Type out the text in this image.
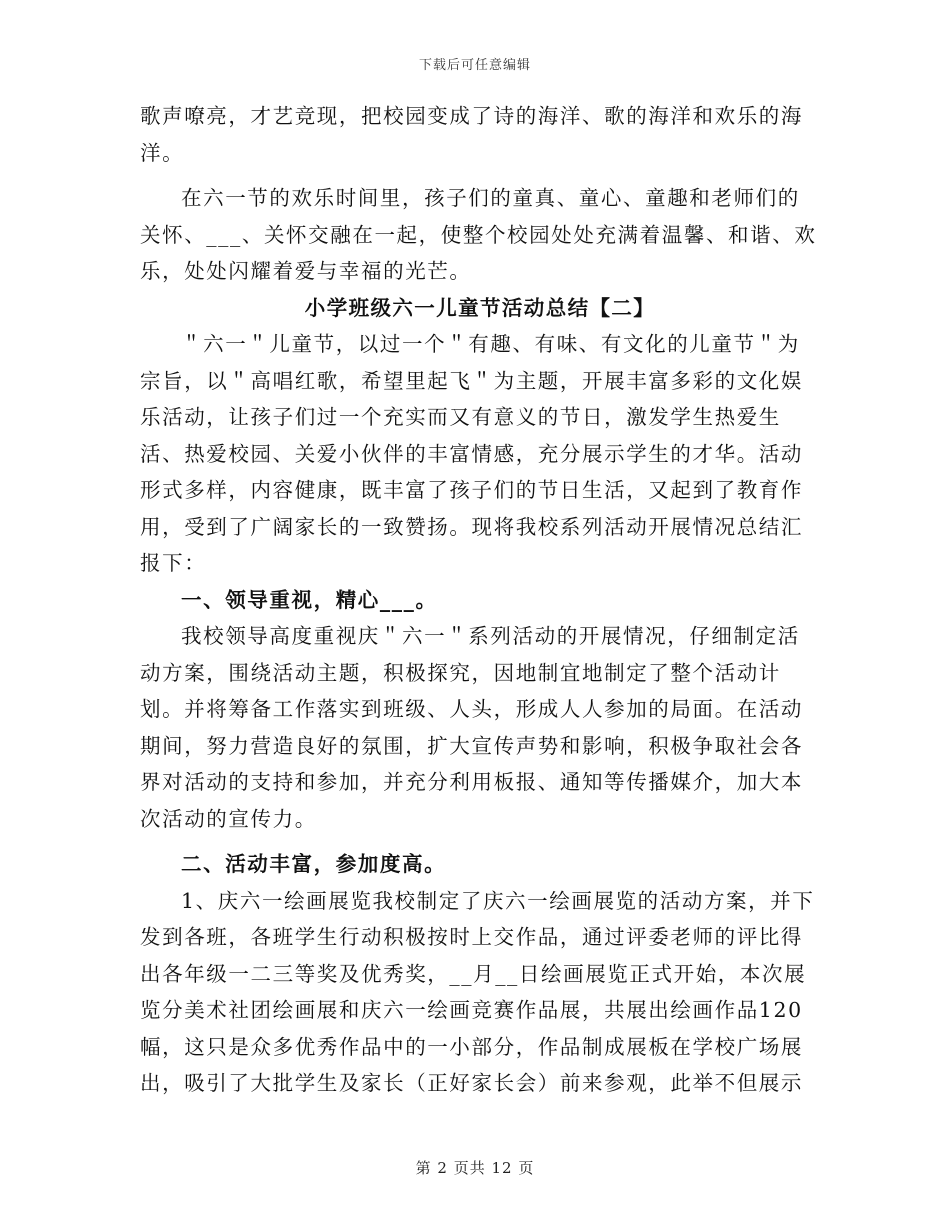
下载后可任意编辑

歌声嘹亮，才艺竞现，把校园变成了诗的海洋、歌的海洋和欢乐的海洋。

在六一节的欢乐时间里，孩子们的童真、童心、童趣和老师们的关怀、___、关怀交融在一起，使整个校园处处充满着温馨、和谐、欢乐，处处闪耀着爱与幸福的光芒。

小学班级六一儿童节活动总结【二】

＂六一＂儿童节，以过一个＂有趣、有味、有文化的儿童节＂为宗旨，以＂高唱红歌，希望里起飞＂为主题，开展丰富多彩的文化娱乐活动，让孩子们过一个充实而又有意义的节日，激发学生热爱生活、热爱校园、关爱小伙伴的丰富情感，充分展示学生的才华。活动形式多样，内容健康，既丰富了孩子们的节日生活，又起到了教育作用，受到了广阔家长的一致赞扬。现将我校系列活动开展情况总结汇报下：

一、领导重视，精心___。

我校领导高度重视庆＂六一＂系列活动的开展情况，仔细制定活动方案，围绕活动主题，积极探究，因地制宜地制定了整个活动计划。并将筹备工作落实到班级、人头，形成人人参加的局面。在活动期间，努力营造良好的氛围，扩大宣传声势和影响，积极争取社会各界对活动的支持和参加，并充分利用板报、通知等传播媒介，加大本次活动的宣传力。

二、活动丰富，参加度高。

1、庆六一绘画展览我校制定了庆六一绘画展览的活动方案，并下发到各班，各班学生行动积极按时上交作品，通过评委老师的评比得出各年级一二三等奖及优秀奖，__月__日绘画展览正式开始，本次展览分美术社团绘画展和庆六一绘画竞赛作品展，共展出绘画作品120幅，这只是众多优秀作品中的一小部分，作品制成展板在学校广场展出，吸引了大批学生及家长（正好家长会）前来参观，此举不但展示

第 2 页共 12 页
